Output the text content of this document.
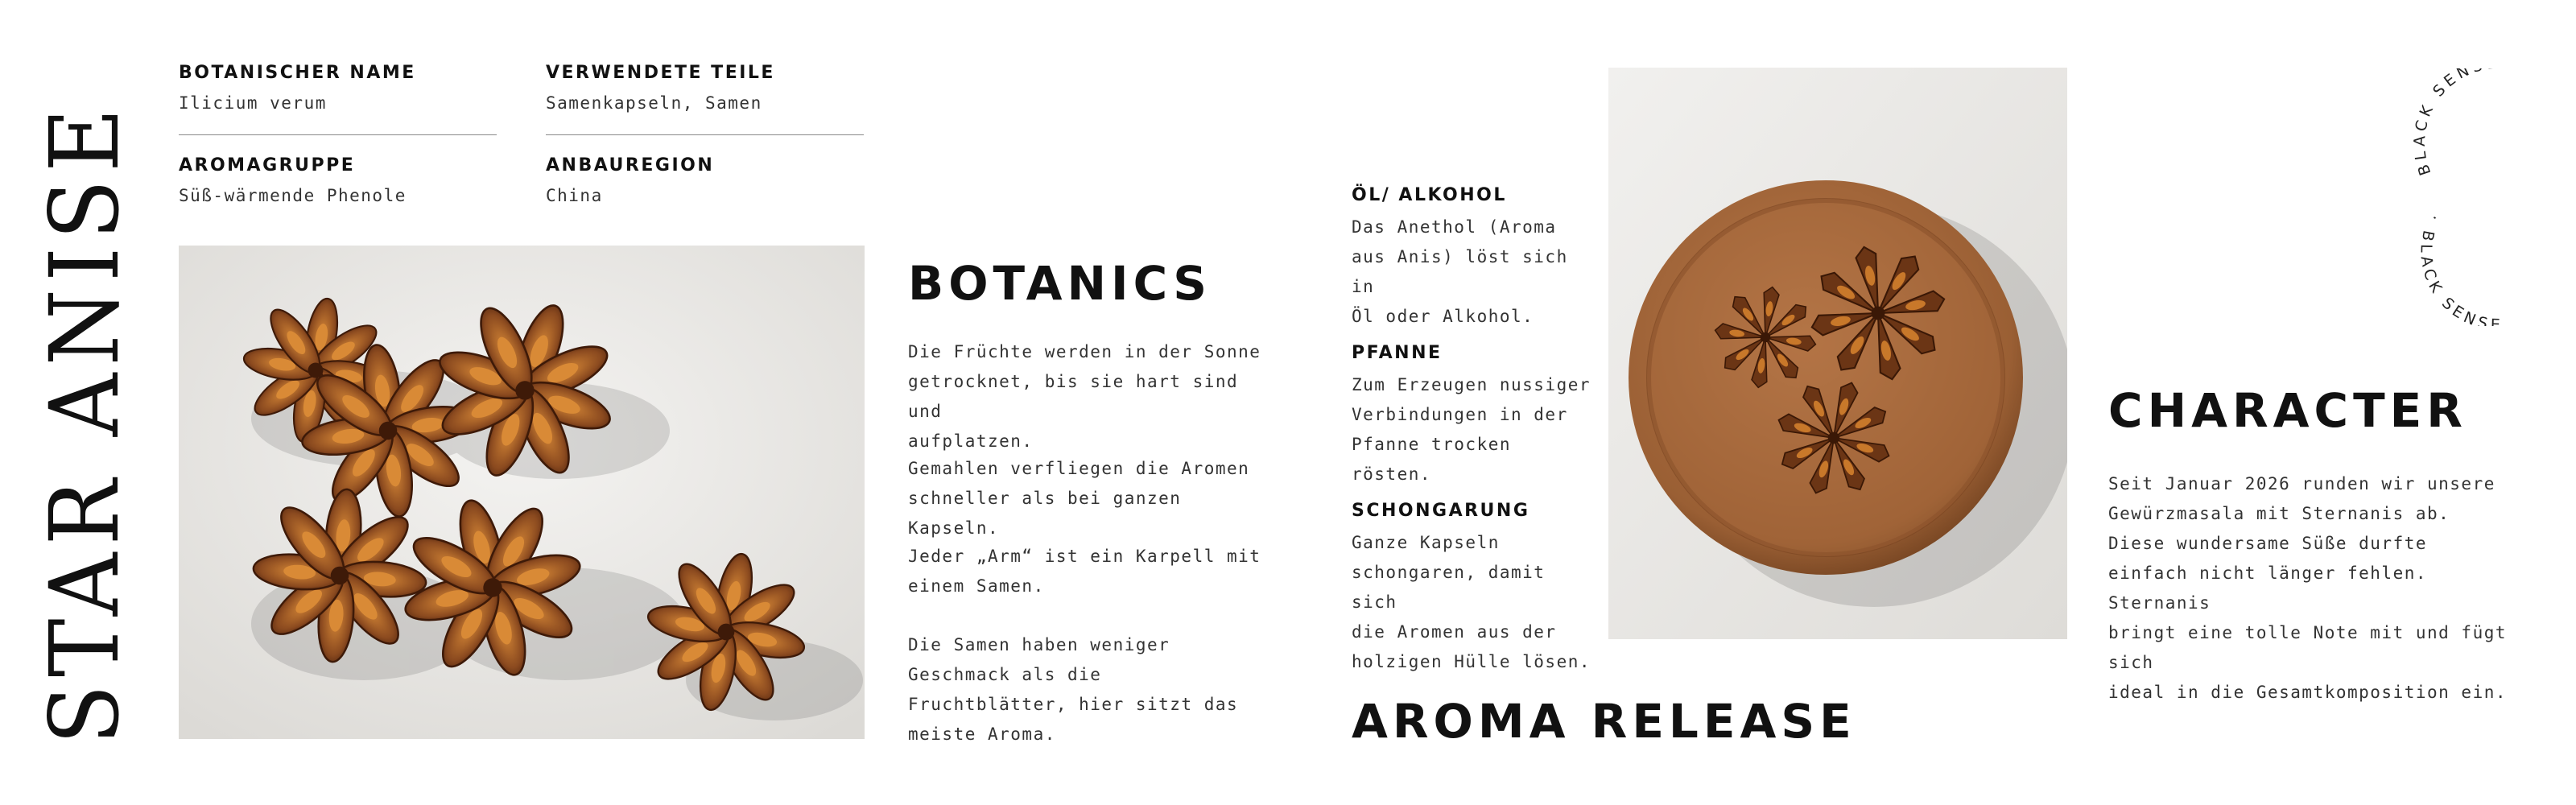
STAR ANISE BOTANISCHER NAME
Ilicium verum
VERWENDETE TEILE
Samenkapseln, Samen
AROMAGRUPPE
Süß-wärmende Phenole
ANBAUREGION
China
BOTANICS

Die Früchte werden in der Sonne
getrocknet, bis sie hart sind und
aufplatzen.

Gemahlen verfliegen die Aromen
schneller als bei ganzen Kapseln.

Jeder „Arm“ ist ein Karpell mit
einem Samen.

Die Samen haben weniger
Geschmack als die
Fruchtblätter, hier sitzt das
meiste Aroma.

ÖL/ ALKOHOL

Das Anethol (Aroma
aus Anis) löst sich in
Öl oder Alkohol.

PFANNE

Zum Erzeugen nussiger
Verbindungen in der
Pfanne trocken rösten.

SCHONGARUNG

Ganze Kapseln
schongaren, damit sich
die Aromen aus der
holzigen Hülle lösen.

AROMA RELEASE
CHARACTER

Seit Januar 2026 runden wir unsere
Gewürzmasala mit Sternanis ab.
Diese wundersame Süße durfte
einfach nicht länger fehlen. Sternanis
bringt eine tolle Note mit und fügt sich
ideal in die Gesamtkomposition ein.

BLACK SEN
· BLACK SENSE
